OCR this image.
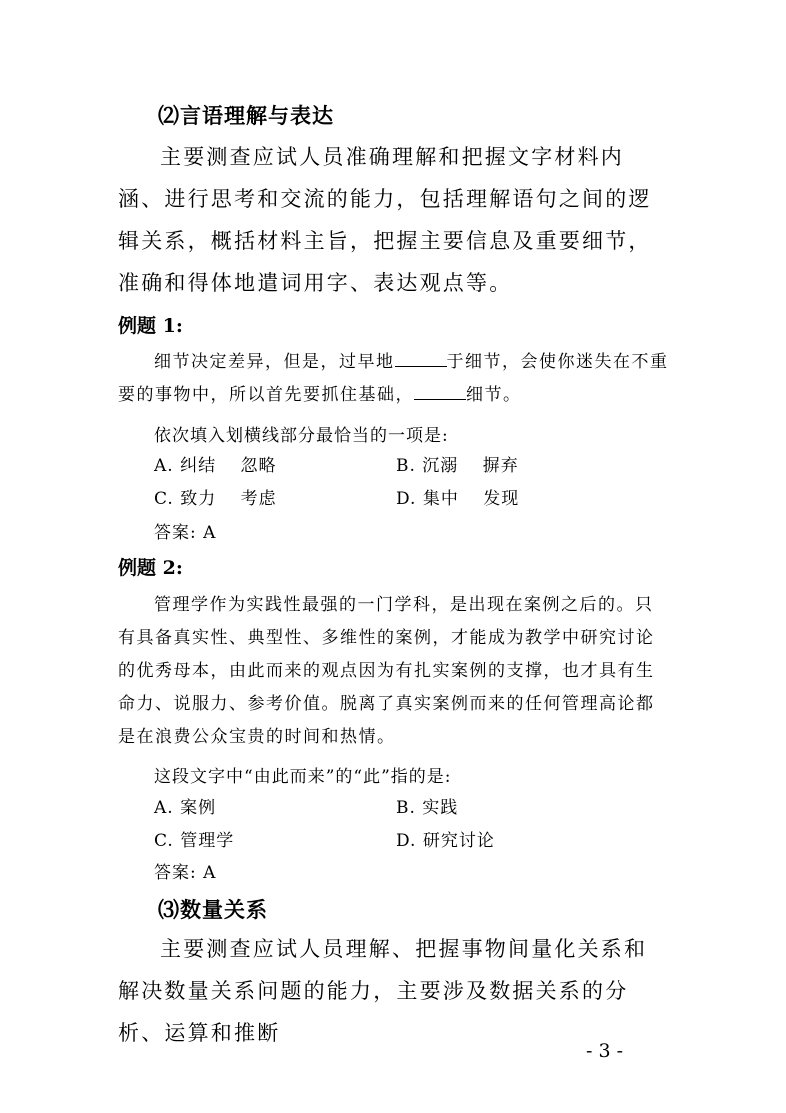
⑵言语理解与表达

主要测查应试人员准确理解和把握文字材料内涵、进行思考和交流的能力，包括理解语句之间的逻辑关系，概括材料主旨，把握主要信息及重要细节，准确和得体地遣词用字、表达观点等。

例题 1:

细节决定差异，但是，过早地	于细节，会使你迷失在不重要的事物中，所以首先要抓住基础，	细节。

依次填入划横线部分最恰当的一项是:
A. 纠结　 忽略	B. 沉溺　 摒弃
C. 致力　 考虑	D. 集中　 发现
答案: A
例题 2:

管理学作为实践性最强的一门学科，是出现在案例之后的。只有具备真实性、典型性、多维性的案例，才能成为教学中研究讨论的优秀母本，由此而来的观点因为有扎实案例的支撑，也才具有生命力、说服力、参考价值。脱离了真实案例而来的任何管理高论都是在浪费公众宝贵的时间和热情。

这段文字中“由此而来”的“此”指的是:
A. 案例	B. 实践
C. 管理学	D. 研究讨论
答案: A
⑶数量关系

主要测查应试人员理解、把握事物间量化关系和解决数量关系问题的能力，主要涉及数据关系的分析、运算和推断

- 3 -
